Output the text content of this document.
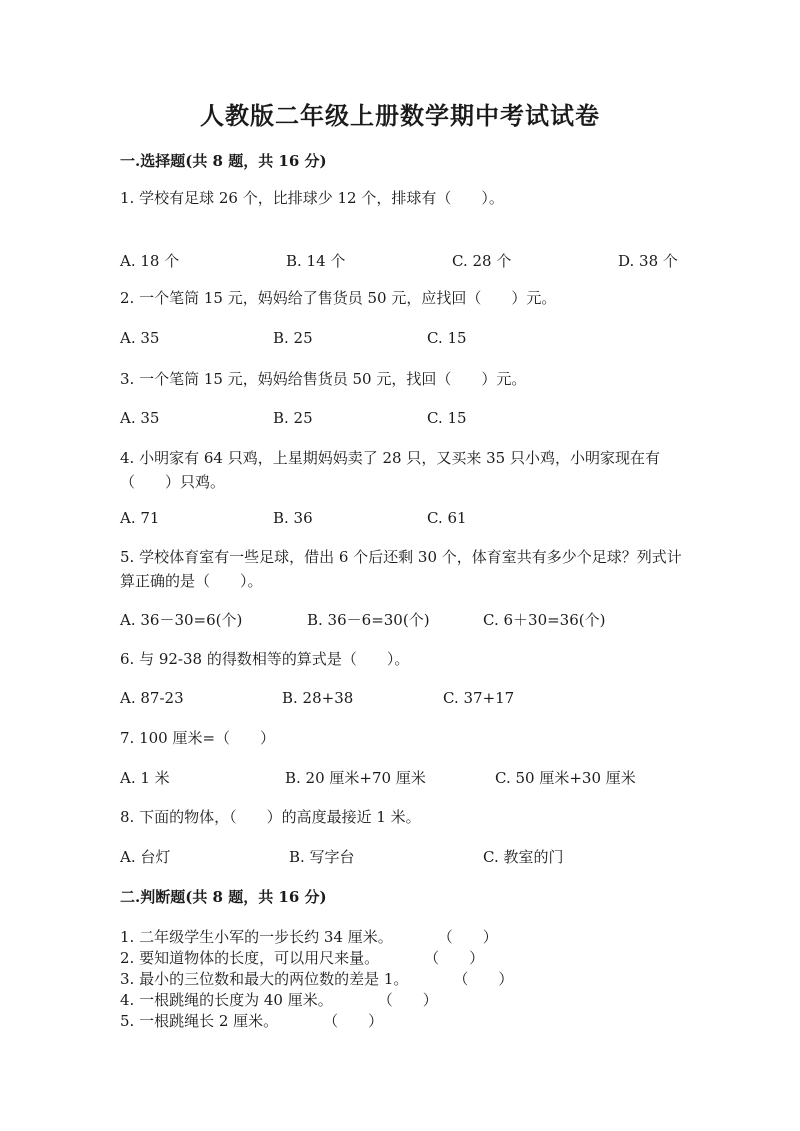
人教版二年级上册数学期中考试试卷
一.选择题(共 8 题，共 16 分)
1. 学校有足球 26 个，比排球少 12 个，排球有（　　）。
A. 18 个	B. 14 个	C. 28 个	D. 38 个
2. 一个笔筒 15 元，妈妈给了售货员 50 元，应找回（　　）元。
A. 35	B. 25	C. 15
3. 一个笔筒 15 元，妈妈给售货员 50 元，找回（　　）元。
A. 35	B. 25	C. 15
4. 小明家有 64 只鸡，上星期妈妈卖了 28 只，又买来 35 只小鸡，小明家现在有（　　）只鸡。
A. 71	B. 36	C. 61
5. 学校体育室有一些足球，借出 6 个后还剩 30 个，体育室共有多少个足球？列式计算正确的是（　　）。
A. 36－30=6(个)	B. 36－6=30(个)	C. 6＋30=36(个)
6. 与 92-38 的得数相等的算式是（　　）。
A. 87-23	B. 28+38	C. 37+17
7. 100 厘米=（　　）
A. 1 米	B. 20 厘米+70 厘米	C. 50 厘米+30 厘米
8. 下面的物体，（　　）的高度最接近 1 米。
A. 台灯	B. 写字台	C. 教室的门
二.判断题(共 8 题，共 16 分)
1. 二年级学生小军的一步长约 34 厘米。　　　　（　　）
2. 要知道物体的长度，可以用尺来量。　　　　（　　）
3. 最小的三位数和最大的两位数的差是 1。　　　　（　　）
4. 一根跳绳的长度为 40 厘米。　　　　（　　）
5. 一根跳绳长 2 厘米。　　　　（　　）
